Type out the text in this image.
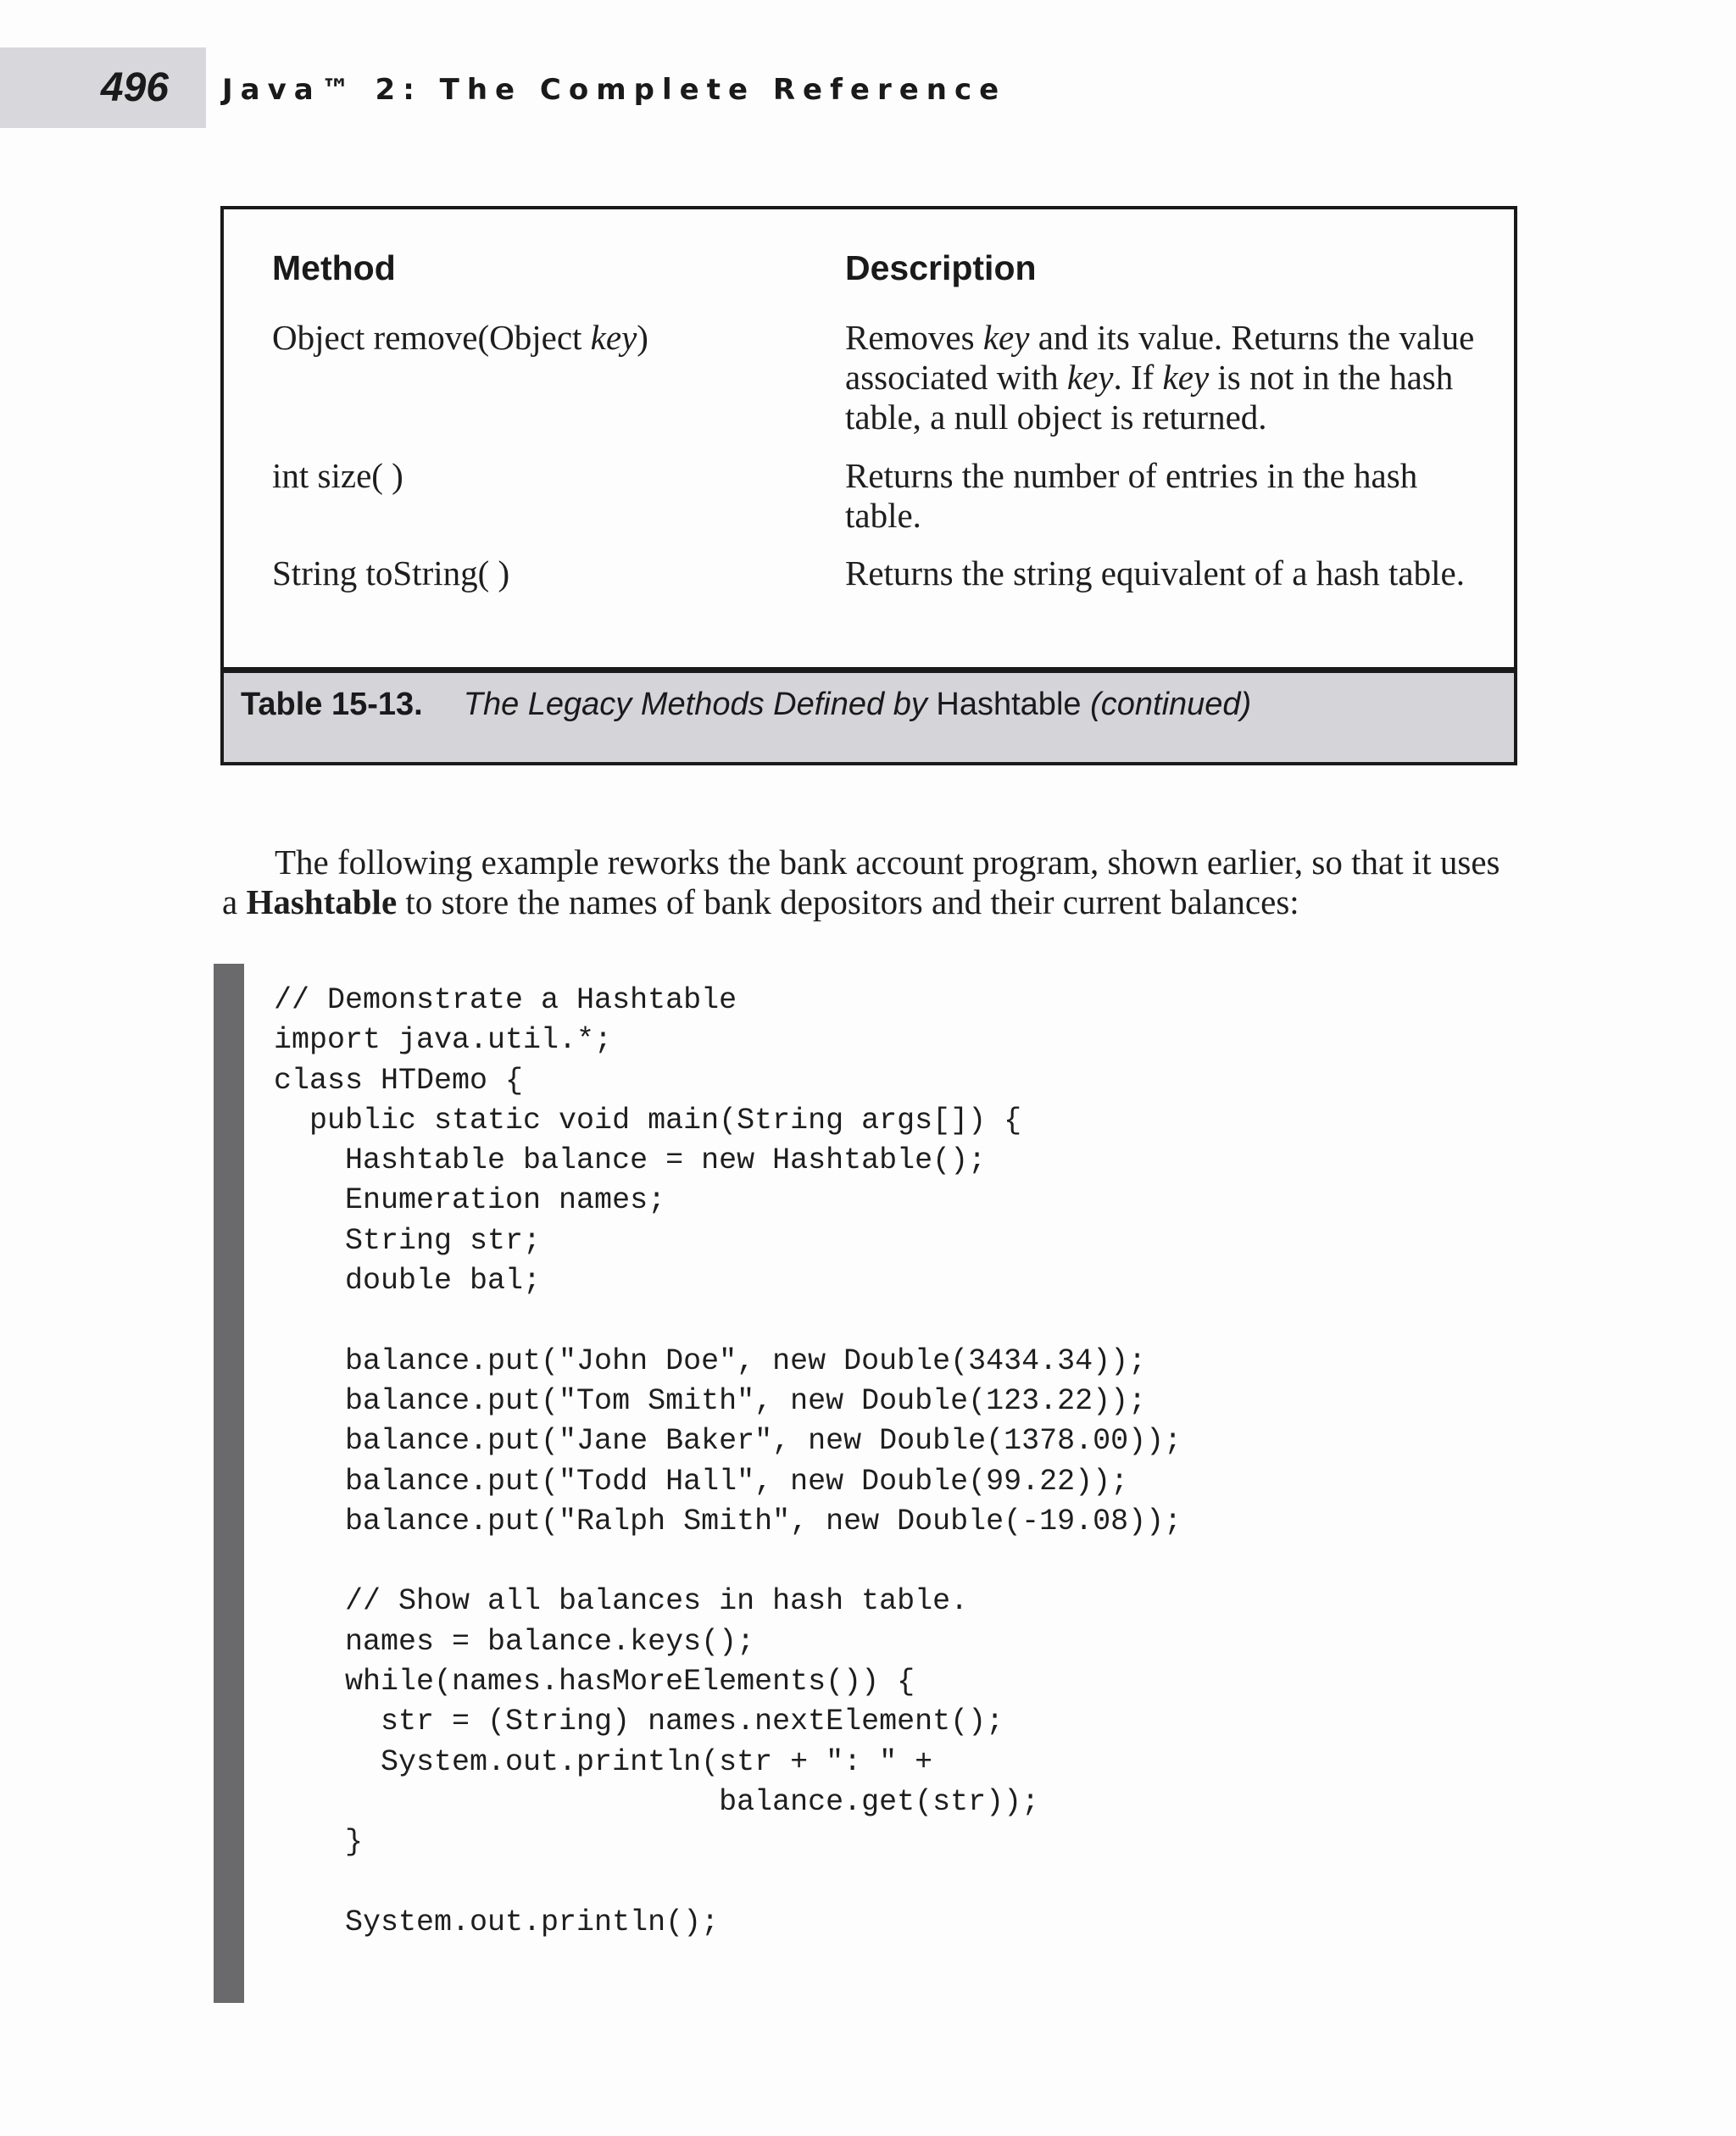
496 Java™ 2: The Complete Reference
Method	Description
Object remove(Object key)	Removes key and its value. Returns the value associated with key. If key is not in the hash table, a null object is returned.
int size( )	Returns the number of entries in the hash table.
String toString( )	Returns the string equivalent of a hash table.
Table 15-13. The Legacy Methods Defined by Hashtable (continued)
The following example reworks the bank account program, shown earlier, so that it uses a Hashtable to store the names of bank depositors and their current balances:
// Demonstrate a Hashtable
import java.util.*;
class HTDemo {
public static void main(String args[]) {
Hashtable balance = new Hashtable();
Enumeration names;
String str;
double bal;
balance.put("John Doe", new Double(3434.34));
balance.put("Tom Smith", new Double(123.22));
balance.put("Jane Baker", new Double(1378.00));
balance.put("Todd Hall", new Double(99.22));
balance.put("Ralph Smith", new Double(-19.08));
// Show all balances in hash table.
names = balance.keys();
while(names.hasMoreElements()) {
str = (String) names.nextElement();
System.out.println(str + ": " +
balance.get(str));
}
System.out.println();
